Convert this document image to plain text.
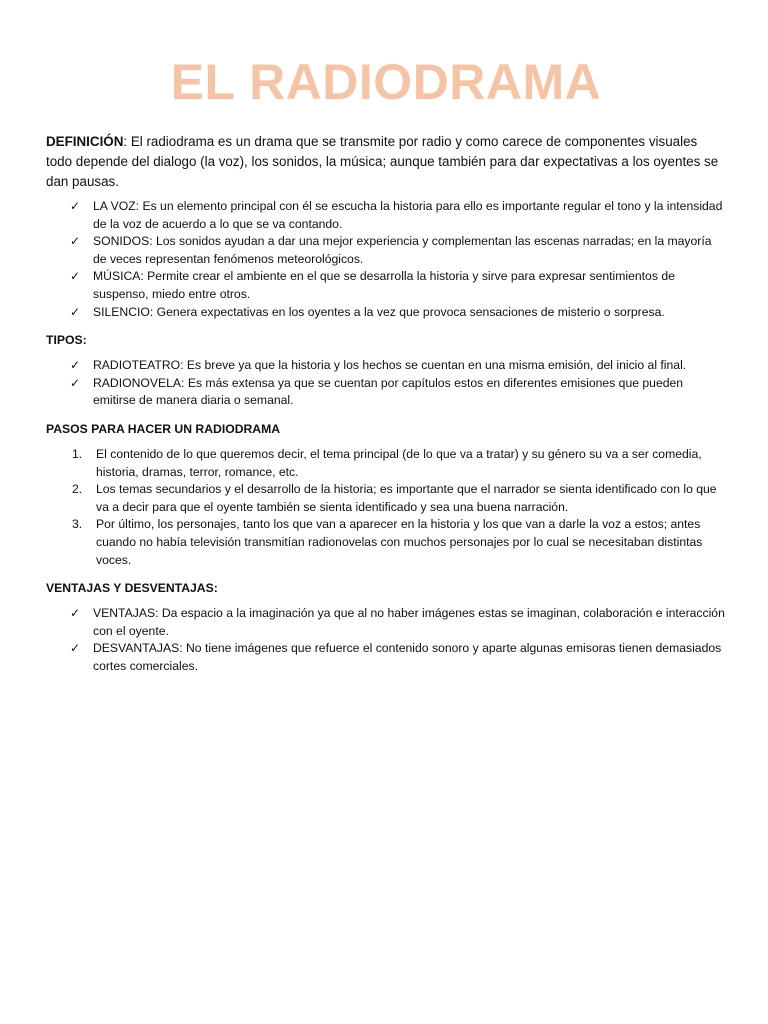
EL RADIODRAMA

DEFINICIÓN: El radiodrama es un drama que se transmite por radio y como carece de componentes visuales todo depende del dialogo (la voz), los sonidos, la música; aunque también para dar expectativas a los oyentes se dan pausas.

✓ LA VOZ: Es un elemento principal con él se escucha la historia para ello es importante regular el tono y la intensidad de la voz de acuerdo a lo que se va contando.
✓ SONIDOS: Los sonidos ayudan a dar una mejor experiencia y complementan las escenas narradas; en la mayoría de veces representan fenómenos meteorológicos.
✓ MÚSICA: Permite crear el ambiente en el que se desarrolla la historia y sirve para expresar sentimientos de suspenso, miedo entre otros.
✓ SILENCIO: Genera expectativas en los oyentes a la vez que provoca sensaciones de misterio o sorpresa.
TIPOS:
✓ RADIOTEATRO: Es breve ya que la historia y los hechos se cuentan en una misma emisión, del inicio al final.
✓ RADIONOVELA: Es más extensa ya que se cuentan por capítulos estos en diferentes emisiones que pueden emitirse de manera diaria o semanal.
PASOS PARA HACER UN RADIODRAMA
1. El contenido de lo que queremos decir, el tema principal (de lo que va a tratar) y su género su va a ser comedia, historia, dramas, terror, romance, etc.
2. Los temas secundarios y el desarrollo de la historia; es importante que el narrador se sienta identificado con lo que va a decir para que el oyente también se sienta identificado y sea una buena narración.
3. Por último, los personajes, tanto los que van a aparecer en la historia y los que van a darle la voz a estos; antes cuando no había televisión transmitían radionovelas con muchos personajes por lo cual se necesitaban distintas voces.
VENTAJAS Y DESVENTAJAS:
✓ VENTAJAS: Da espacio a la imaginación ya que al no haber imágenes estas se imaginan, colaboración e interacción con el oyente.
✓ DESVANTAJAS: No tiene imágenes que refuerce el contenido sonoro y aparte algunas emisoras tienen demasiados cortes comerciales.
